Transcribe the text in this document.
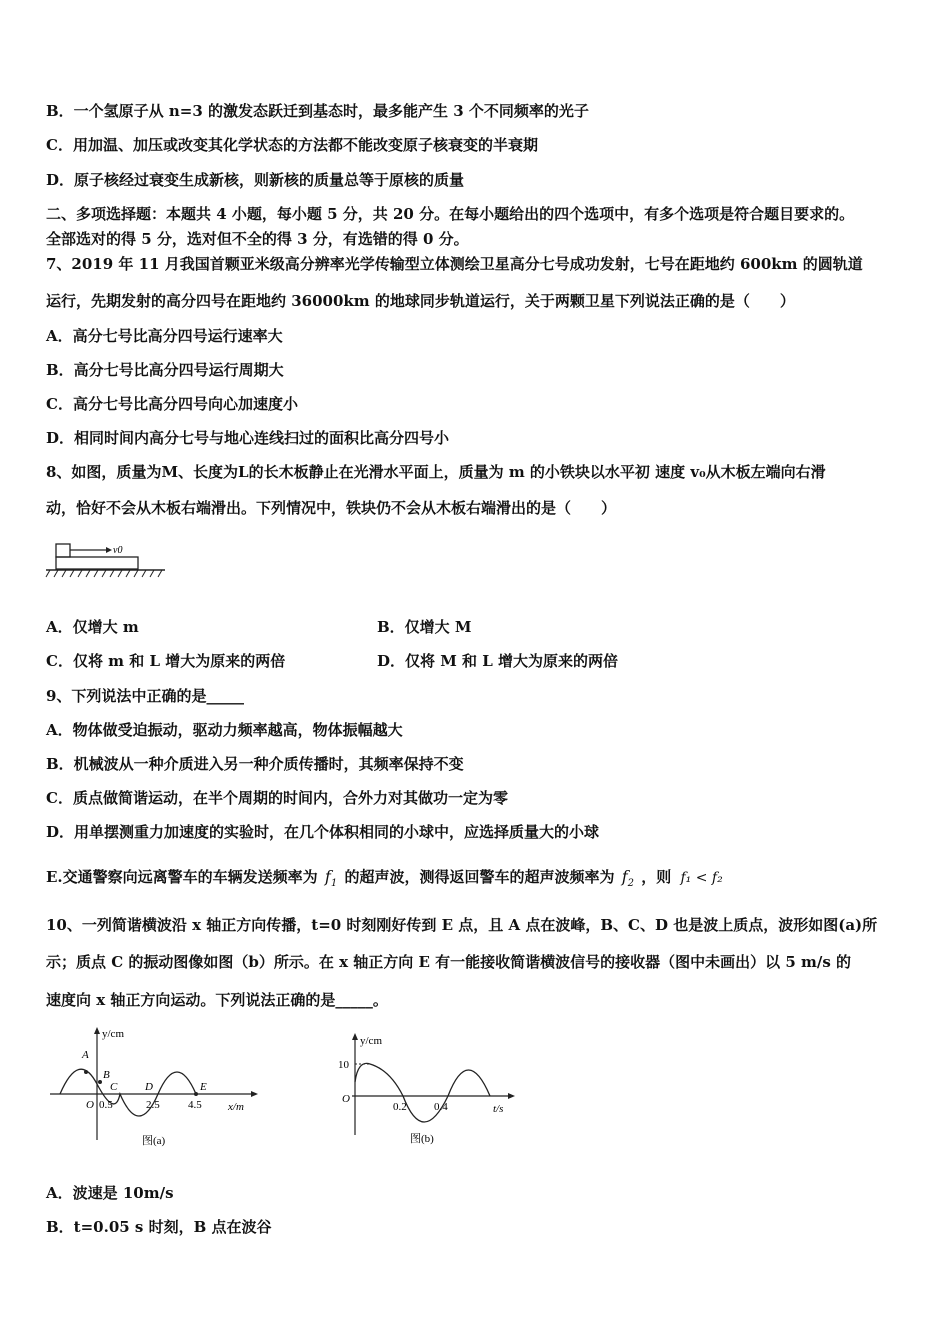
B．一个氢原子从 n=3 的激发态跃迁到基态时，最多能产生 3 个不同频率的光子
C．用加温、加压或改变其化学状态的方法都不能改变原子核衰变的半衰期
D．原子核经过衰变生成新核，则新核的质量总等于原核的质量
二、多项选择题：本题共 4 小题，每小题 5 分，共 20 分。在每小题给出的四个选项中，有多个选项是符合题目要求的。
全部选对的得 5 分，选对但不全的得 3 分，有选错的得 0 分。
7、2019 年 11 月我国首颗亚米级高分辨率光学传输型立体测绘卫星高分七号成功发射，七号在距地约 600km 的圆轨道
运行，先期发射的高分四号在距地约 36000km 的地球同步轨道运行，关于两颗卫星下列说法正确的是（　　）
A．高分七号比高分四号运行速率大
B．高分七号比高分四号运行周期大
C．高分七号比高分四号向心加速度小
D．相同时间内高分七号与地心连线扫过的面积比高分四号小
8、如图，质量为M、长度为L的长木板静止在光滑水平面上，质量为 m 的小铁块以水平初 速度 v₀从木板左端向右滑
动，恰好不会从木板右端滑出。下列情况中，铁块仍不会从木板右端滑出的是（　　）
v0
A．仅增大 m	B．仅增大 M
C．仅将 m 和 L 增大为原来的两倍	D．仅将 M 和 L 增大为原来的两倍
9、下列说法中正确的是_____
A．物体做受迫振动，驱动力频率越高，物体振幅越大
B．机械波从一种介质进入另一种介质传播时，其频率保持不变
C．质点做简谐运动，在半个周期的时间内，合外力对其做功一定为零
D．用单摆测重力加速度的实验时，在几个体积相同的小球中，应选择质量大的小球
E.交通警察向远离警车的车辆发送频率为 $f_1$ 的超声波，测得返回警车的超声波频率为 $f_2$ ，则 f₁ < f₂
10、一列简谐横波沿 x 轴正方向传播，t=0 时刻刚好传到 E 点，且 A 点在波峰，B、C、D 也是波上质点，波形如图(a)所
示；质点 C 的振动图像如图（b）所示。在 x 轴正方向 E 有一能接收简谐横波信号的接收器（图中未画出）以 5 m/s 的
速度向 x 轴正方向运动。下列说法正确的是_____。
y/cm
x/m
O
A
B
C	D	E
0.5	2.5	4.5
图(a)
y/cm
10
O
0.2 0.4	t/s
图(b)
A．波速是 10m/s
B．t=0.05 s 时刻，B 点在波谷
